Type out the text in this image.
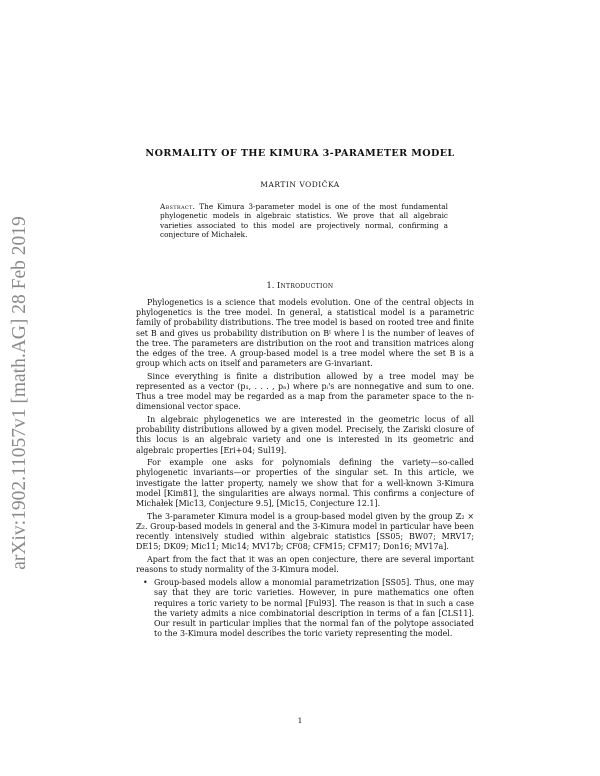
arXiv:1902.11057v1 [math.AG] 28 Feb 2019
NORMALITY OF THE KIMURA 3-PARAMETER MODEL
MARTIN VODIČKA
Abstract. The Kimura 3-parameter model is one of the most fundamental phylogenetic models in algebraic statistics. We prove that all algebraic varieties associated to this model are projectively normal, confirming a conjecture of Michałek.
1. Introduction

Phylogenetics is a science that models evolution. One of the central objects in phylogenetics is the tree model. In general, a statistical model is a parametric family of probability distributions. The tree model is based on rooted tree and finite set B and gives us probability distribution on Bˡ where l is the number of leaves of the tree. The parameters are distribution on the root and transition matrices along the edges of the tree. A group-based model is a tree model where the set B is a group which acts on itself and parameters are G-invariant.

Since everything is finite a distribution allowed by a tree model may be represented as a vector (p₁, . . . , pₙ) where pᵢ's are nonnegative and sum to one. Thus a tree model may be regarded as a map from the parameter space to the n-dimensional vector space.

In algebraic phylogenetics we are interested in the geometric locus of all probability distributions allowed by a given model. Precisely, the Zariski closure of this locus is an algebraic variety and one is interested in its geometric and algebraic properties [Eri+04; Sul19].

For example one asks for polynomials defining the variety—so-called phylogenetic invariants—or properties of the singular set. In this article, we investigate the latter property, namely we show that for a well-known 3-Kimura model [Kim81], the singularities are always normal. This confirms a conjecture of Michałek [Mic13, Conjecture 9.5], [Mic15, Conjecture 12.1].

The 3-parameter Kimura model is a group-based model given by the group ℤ₂ × ℤ₂. Group-based models in general and the 3-Kimura model in particular have been recently intensively studied within algebraic statistics [SS05; BW07; MRV17; DE15; DK09; Mic11; Mic14; MV17b; CF08; CFM15; CFM17; Don16; MV17a].

Apart from the fact that it was an open conjecture, there are several important reasons to study normality of the 3-Kimura model.

• Group-based models allow a monomial parametrization [SS05]. Thus, one may say that they are toric varieties. However, in pure mathematics one often requires a toric variety to be normal [Ful93]. The reason is that in such a case the variety admits a nice combinatorial description in terms of a fan [CLS11]. Our result in particular implies that the normal fan of the polytope associated to the 3-Kimura model describes the toric variety representing the model.
1
